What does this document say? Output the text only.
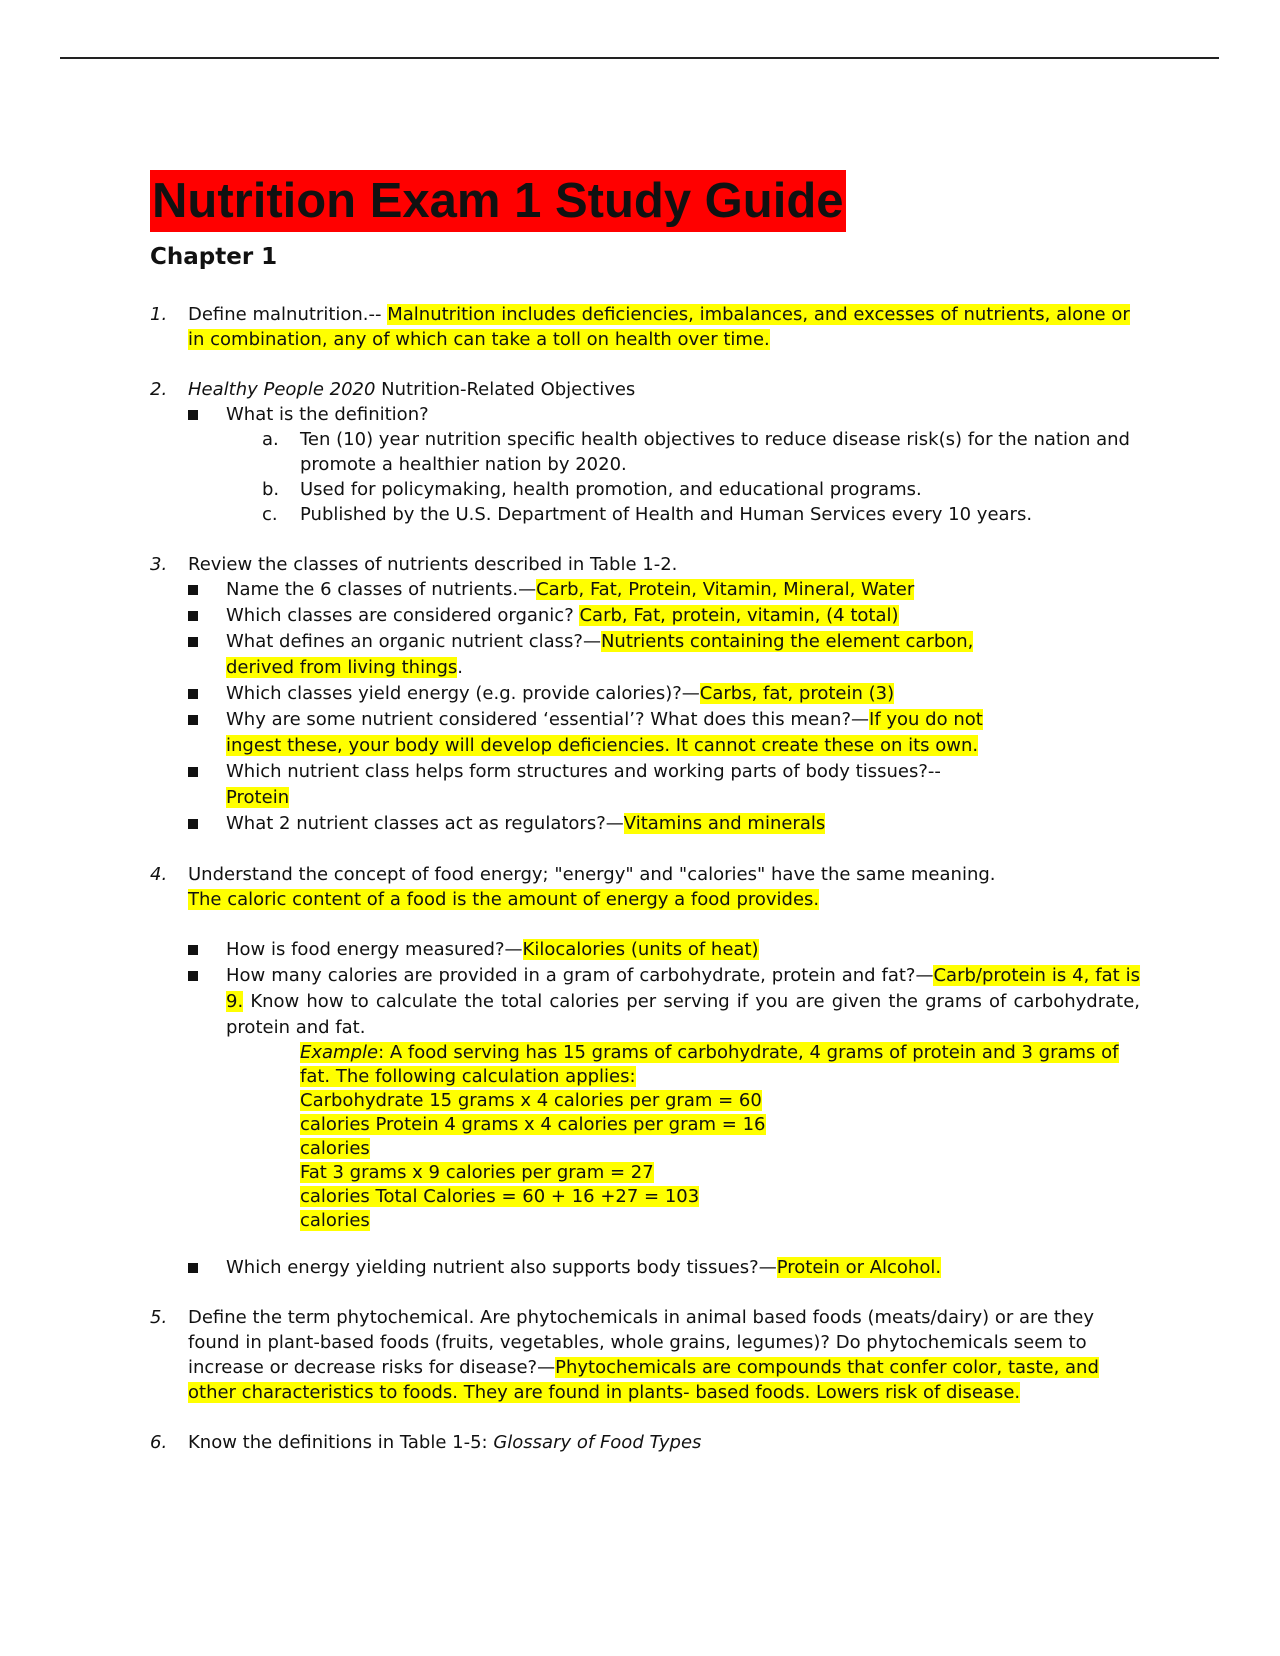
Nutrition Exam 1 Study Guide
Chapter 1
1. Define malnutrition.-- Malnutrition includes deficiencies, imbalances, and excesses of nutrients, alone or in combination, any of which can take a toll on health over time.
2. Healthy People 2020 Nutrition-Related Objectives
What is the definition?
a. Ten (10) year nutrition specific health objectives to reduce disease risk(s) for the nation and promote a healthier nation by 2020.
b. Used for policymaking, health promotion, and educational programs.
c. Published by the U.S. Department of Health and Human Services every 10 years.
3. Review the classes of nutrients described in Table 1-2.
Name the 6 classes of nutrients.—Carb, Fat, Protein, Vitamin, Mineral, Water
Which classes are considered organic? Carb, Fat, protein, vitamin, (4 total)
What defines an organic nutrient class?—Nutrients containing the element carbon, derived from living things.
Which classes yield energy (e.g. provide calories)?—Carbs, fat, protein (3)
Why are some nutrient considered ‘essential’? What does this mean?—If you do not ingest these, your body will develop deficiencies. It cannot create these on its own.
Which nutrient class helps form structures and working parts of body tissues?-- Protein
What 2 nutrient classes act as regulators?—Vitamins and minerals
4. Understand the concept of food energy; "energy" and "calories" have the same meaning. The caloric content of a food is the amount of energy a food provides.
How is food energy measured?—Kilocalories (units of heat)
How many calories are provided in a gram of carbohydrate, protein and fat?—Carb/protein is 4, fat is 9. Know how to calculate the total calories per serving if you are given the grams of carbohydrate, protein and fat.
Example: A food serving has 15 grams of carbohydrate, 4 grams of protein and 3 grams of fat. The following calculation applies:
Carbohydrate 15 grams x 4 calories per gram = 60
calories Protein 4 grams x 4 calories per gram = 16
calories
Fat 3 grams x 9 calories per gram = 27
calories Total Calories = 60 + 16 +27 = 103
calories
Which energy yielding nutrient also supports body tissues?—Protein or Alcohol.
5. Define the term phytochemical. Are phytochemicals in animal based foods (meats/dairy) or are they found in plant-based foods (fruits, vegetables, whole grains, legumes)? Do phytochemicals seem to increase or decrease risks for disease?—Phytochemicals are compounds that confer color, taste, and other characteristics to foods. They are found in plants- based foods. Lowers risk of disease.
6. Know the definitions in Table 1-5: Glossary of Food Types
